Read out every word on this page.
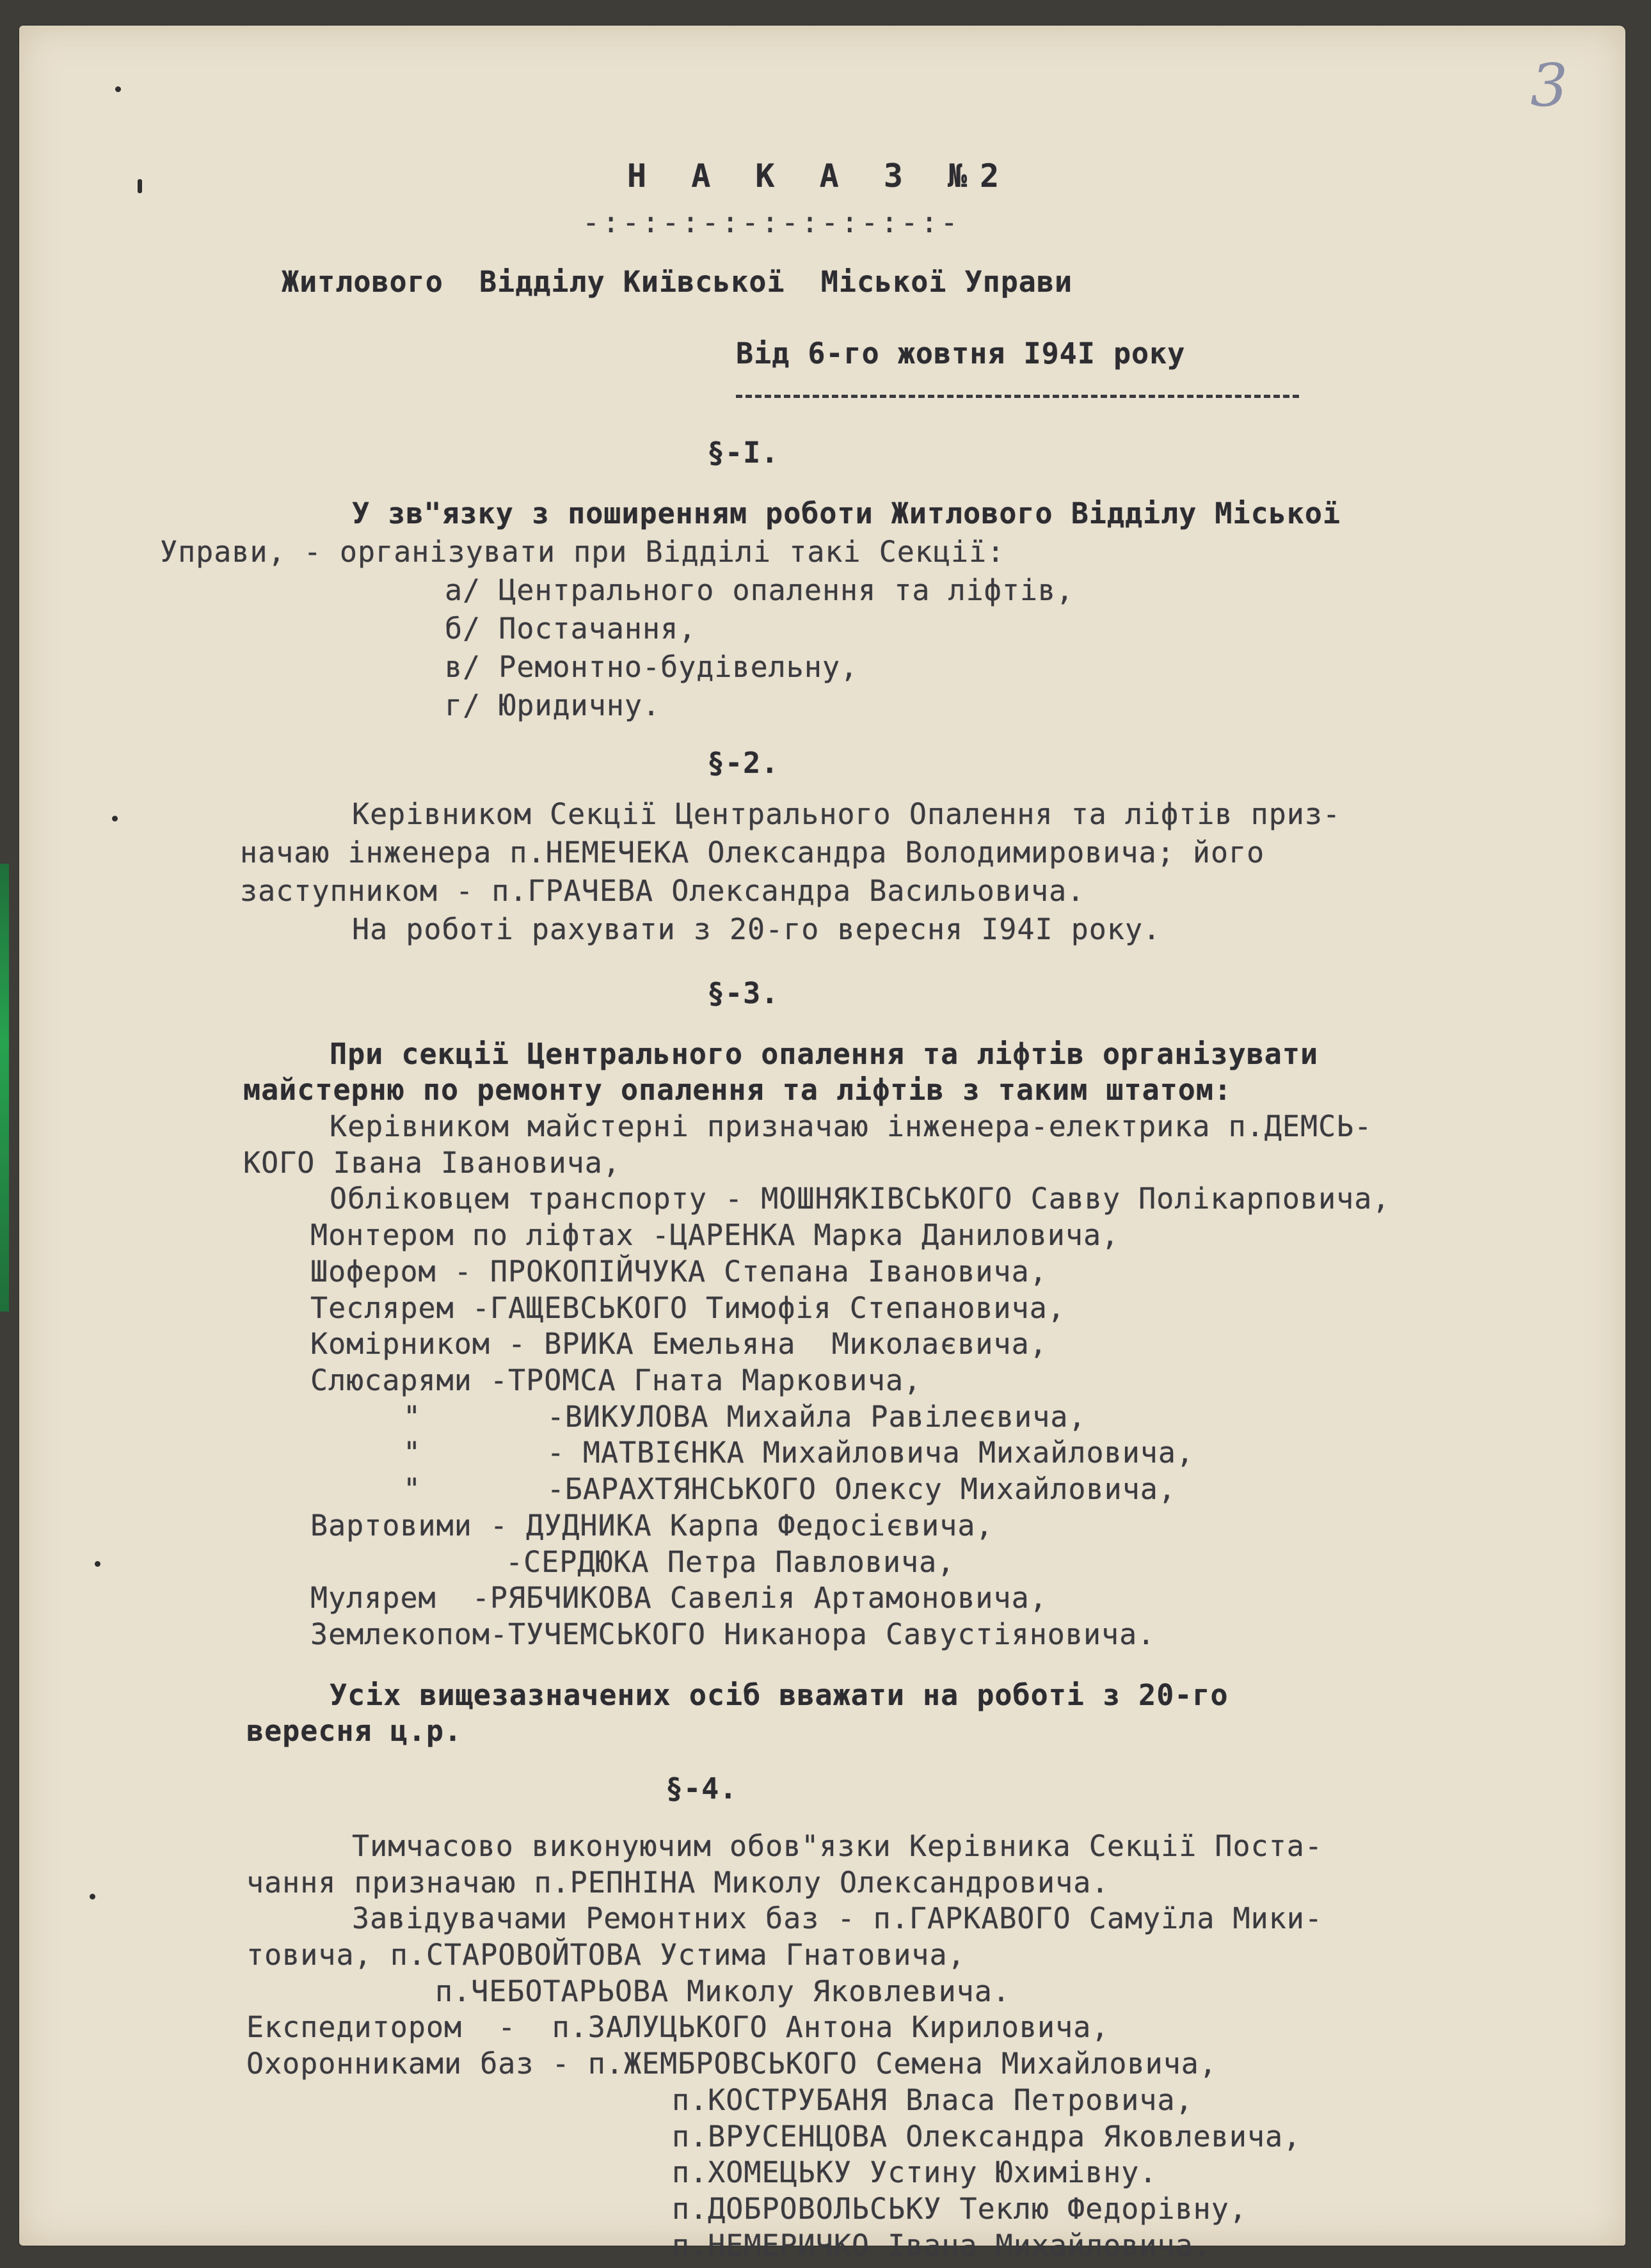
3
Н А К А З №2
-:-:-:-:-:-:-:-:-:-
Житлового  Відділу Київської  Міської Управи
Від 6-го жовтня I94I року
§-I.
У зв"язку з поширенням роботи Житлового Відділу Міської
Управи, - організувати при Відділі такі Секції:
а/ Центрального опалення та ліфтів,
б/ Постачання,
в/ Ремонтно-будівельну,
г/ Юридичну.
§-2.
Керівником Секції Центрального Опалення та ліфтів приз-
начаю інженера п.НЕМЕЧЕКА Олександра Володимировича; його
заступником - п.ГРАЧЕВА Олександра Васильовича.
На роботі рахувати з 20-го вересня I94I року.
§-3.
При секції Центрального опалення та ліфтів організувати
майстерню по ремонту опалення та ліфтів з таким штатом:
Керівником майстерні призначаю інженера-електрика п.ДЕМСЬ-
КОГО Івана Івановича,
Обліковцем транспорту - МОШНЯКІВСЬКОГО Савву Полікарповича,
Монтером по ліфтах -ЦАРЕНКА Марка Даниловича,
Шофером - ПРОКОПІЙЧУКА Степана Івановича,
Теслярем -ГАЩЕВСЬКОГО Тимофія Степановича,
Комірником - ВРИКА Емельяна  Миколаєвича,
Слюсарями -ТРОМСА Гната Марковича,
"       -ВИКУЛОВА Михайла Равілеєвича,
"       - МАТВІЄНКА Михайловича Михайловича,
"       -БАРАХТЯНСЬКОГО Олексу Михайловича,
Вартовими - ДУДНИКА Карпа Федосієвича,
-СЕРДЮКА Петра Павловича,
Мулярем  -РЯБЧИКОВА Савелія Артамоновича,
Землекопом-ТУЧЕМСЬКОГО Никанора Савустіяновича.
Усіх вищезазначених осіб вважати на роботі з 20-го
вересня ц.р.
§-4.
Тимчасово виконуючим обов"язки Керівника Секції Поста-
чання призначаю п.РЕПНІНА Миколу Олександровича.
Завідувачами Ремонтних баз - п.ГАРКАВОГО Самуїла Мики-
товича, п.СТАРОВОЙТОВА Устима Гнатовича,
п.ЧЕБОТАРЬОВА Миколу Яковлевича.
Експедитором  -  п.ЗАЛУЦЬКОГО Антона Кириловича,
Охоронниками баз - п.ЖЕМБРОВСЬКОГО Семена Михайловича,
п.КОСТРУБАНЯ Власа Петровича,
п.ВРУСЕНЦОВА Олександра Яковлевича,
п.ХОМЕЦЬКУ Устину Юхимівну.
п.ДОБРОВОЛЬСЬКУ Теклю Федорівну,
п.НЕМЕРИЧКО Івана Михайловича.
